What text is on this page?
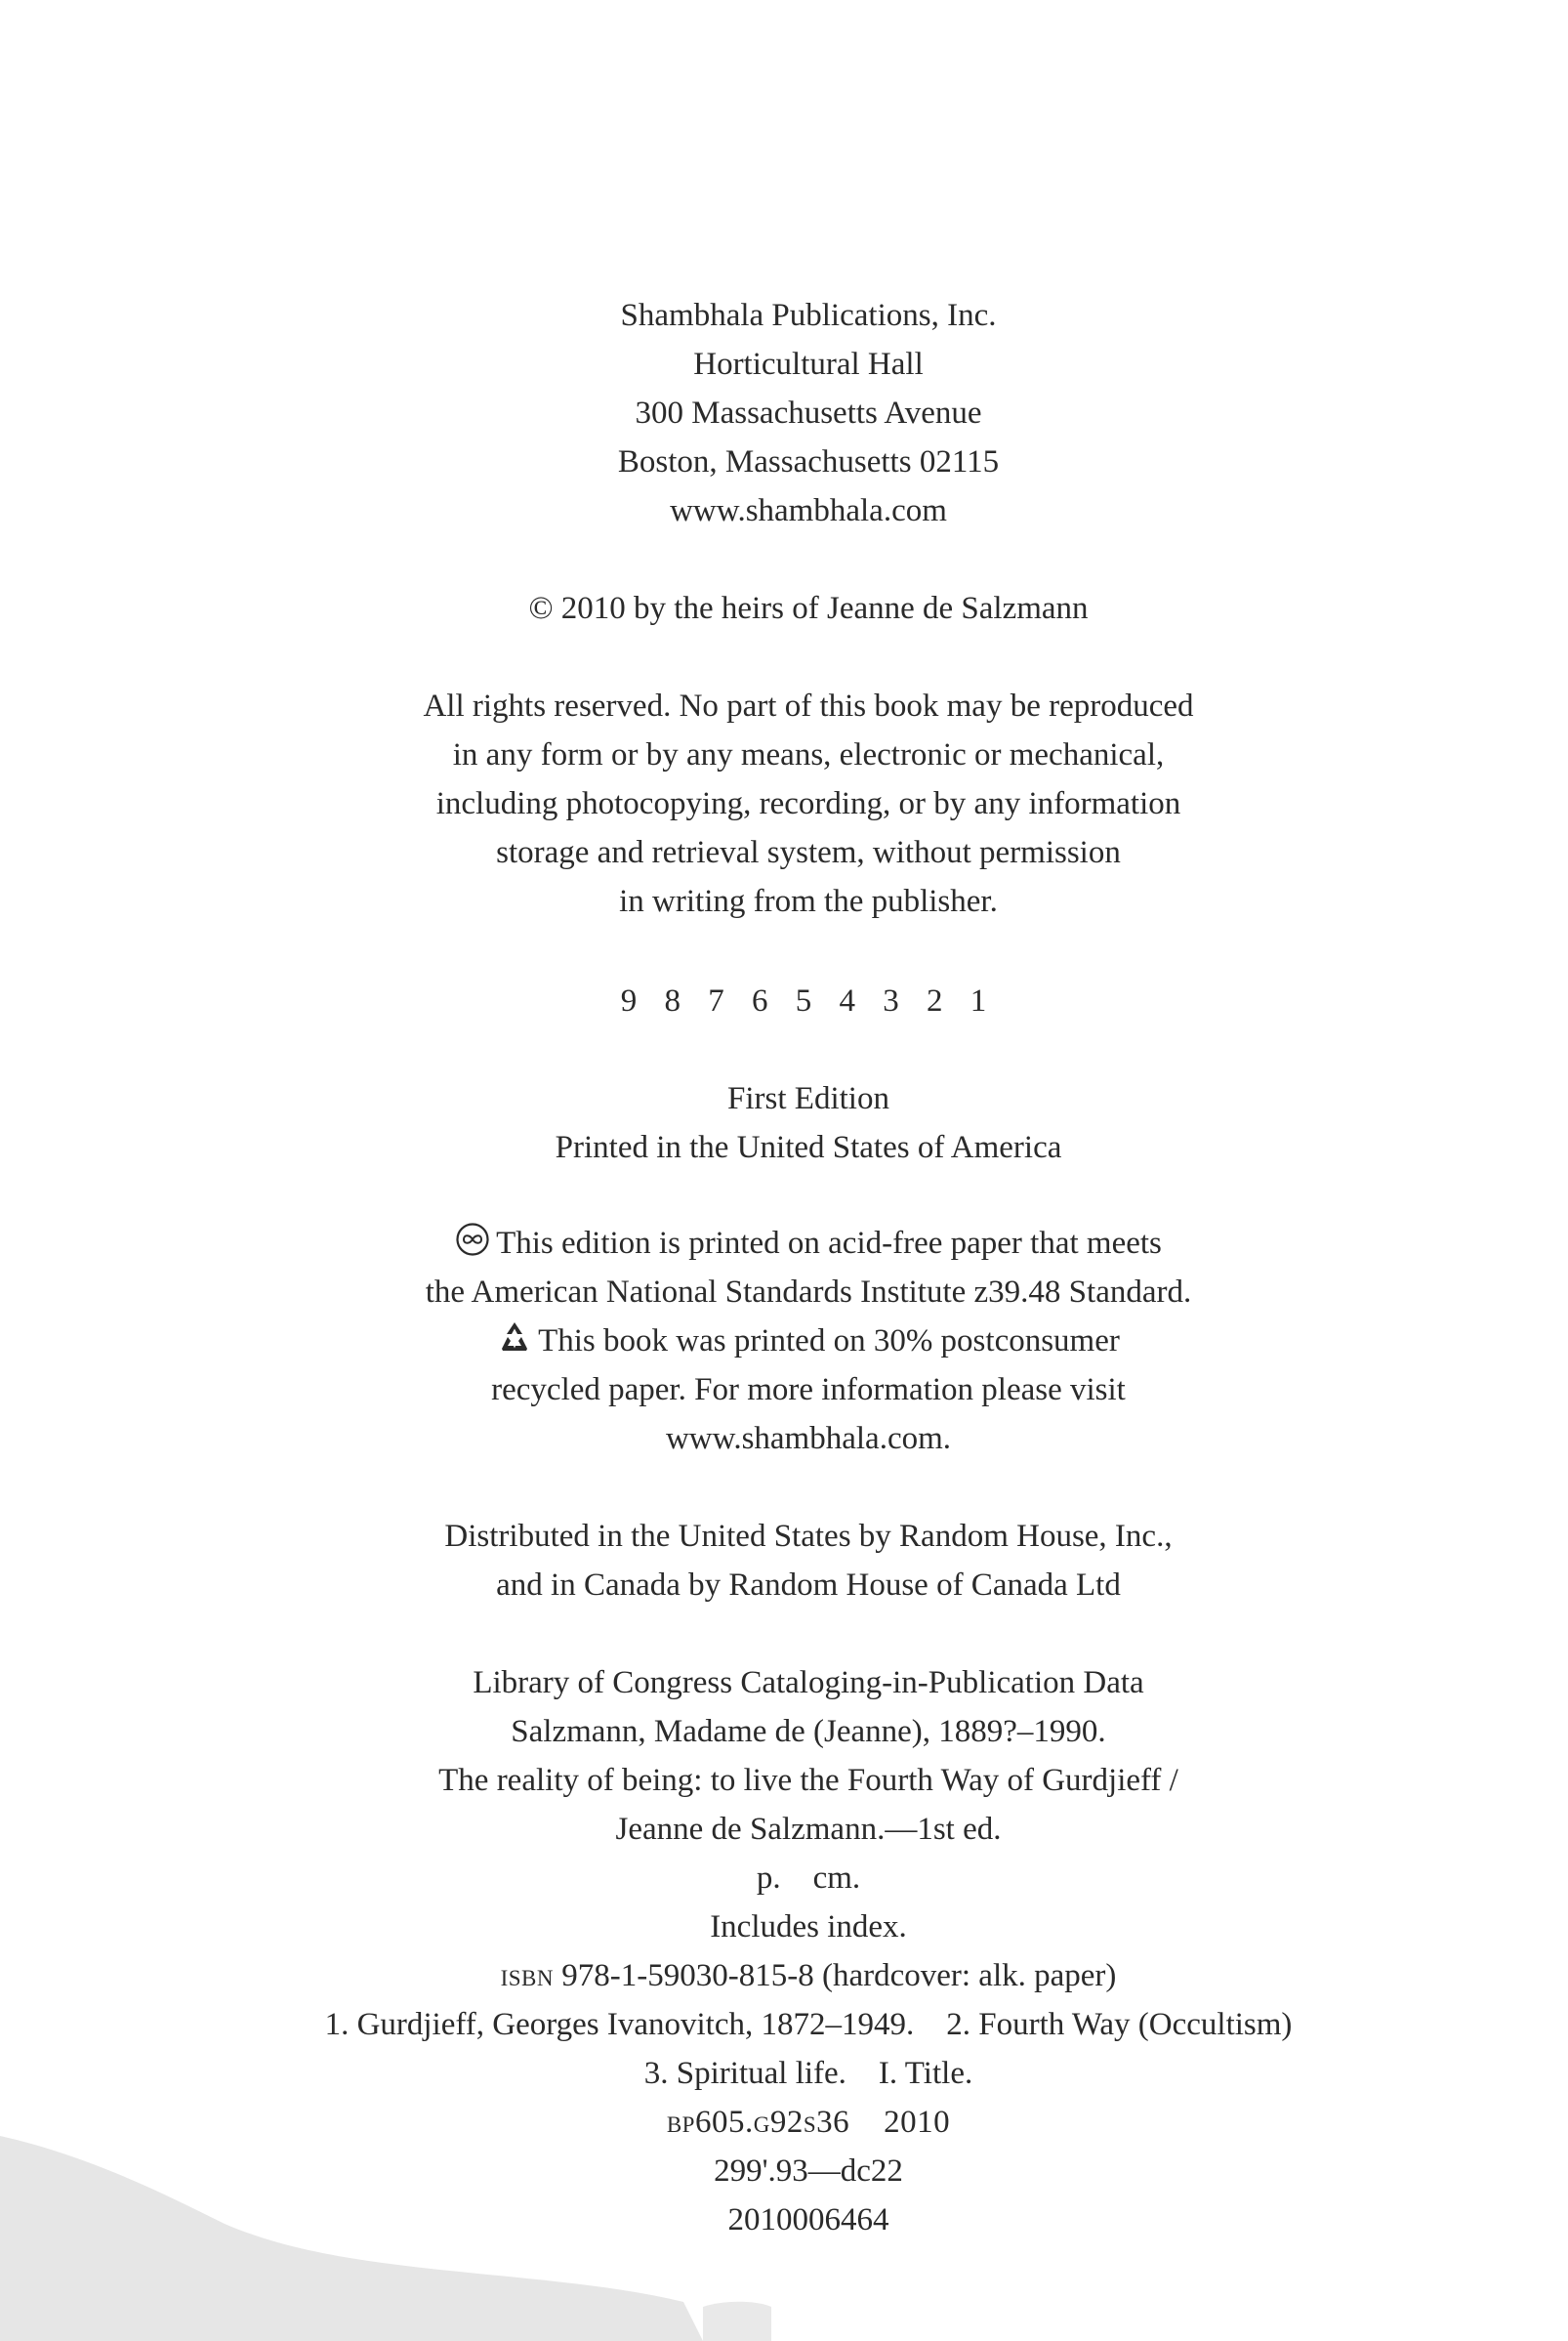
Shambhala Publications, Inc.
Horticultural Hall
300 Massachusetts Avenue
Boston, Massachusetts 02115
www.shambhala.com
© 2010 by the heirs of Jeanne de Salzmann
All rights reserved. No part of this book may be reproduced
in any form or by any means, electronic or mechanical,
including photocopying, recording, or by any information
storage and retrieval system, without permission
in writing from the publisher.
9 8 7 6 5 4 3 2 1
First Edition
Printed in the United States of America
This edition is printed on acid-free paper that meets
the American National Standards Institute z39.48 Standard.
This book was printed on 30% postconsumer
recycled paper. For more information please visit
www.shambhala.com.
Distributed in the United States by Random House, Inc.,
and in Canada by Random House of Canada Ltd
Library of Congress Cataloging-in-Publication Data
Salzmann, Madame de (Jeanne), 1889?–1990.
The reality of being: to live the Fourth Way of Gurdjieff /
Jeanne de Salzmann.—1st ed.
p.    cm.
Includes index.
isbn 978-1-59030-815-8 (hardcover: alk. paper)
1. Gurdjieff, Georges Ivanovitch, 1872–1949.    2. Fourth Way (Occultism)
3. Spiritual life.    I. Title.
bp605.g92s36    2010
299'.93—dc22
2010006464
